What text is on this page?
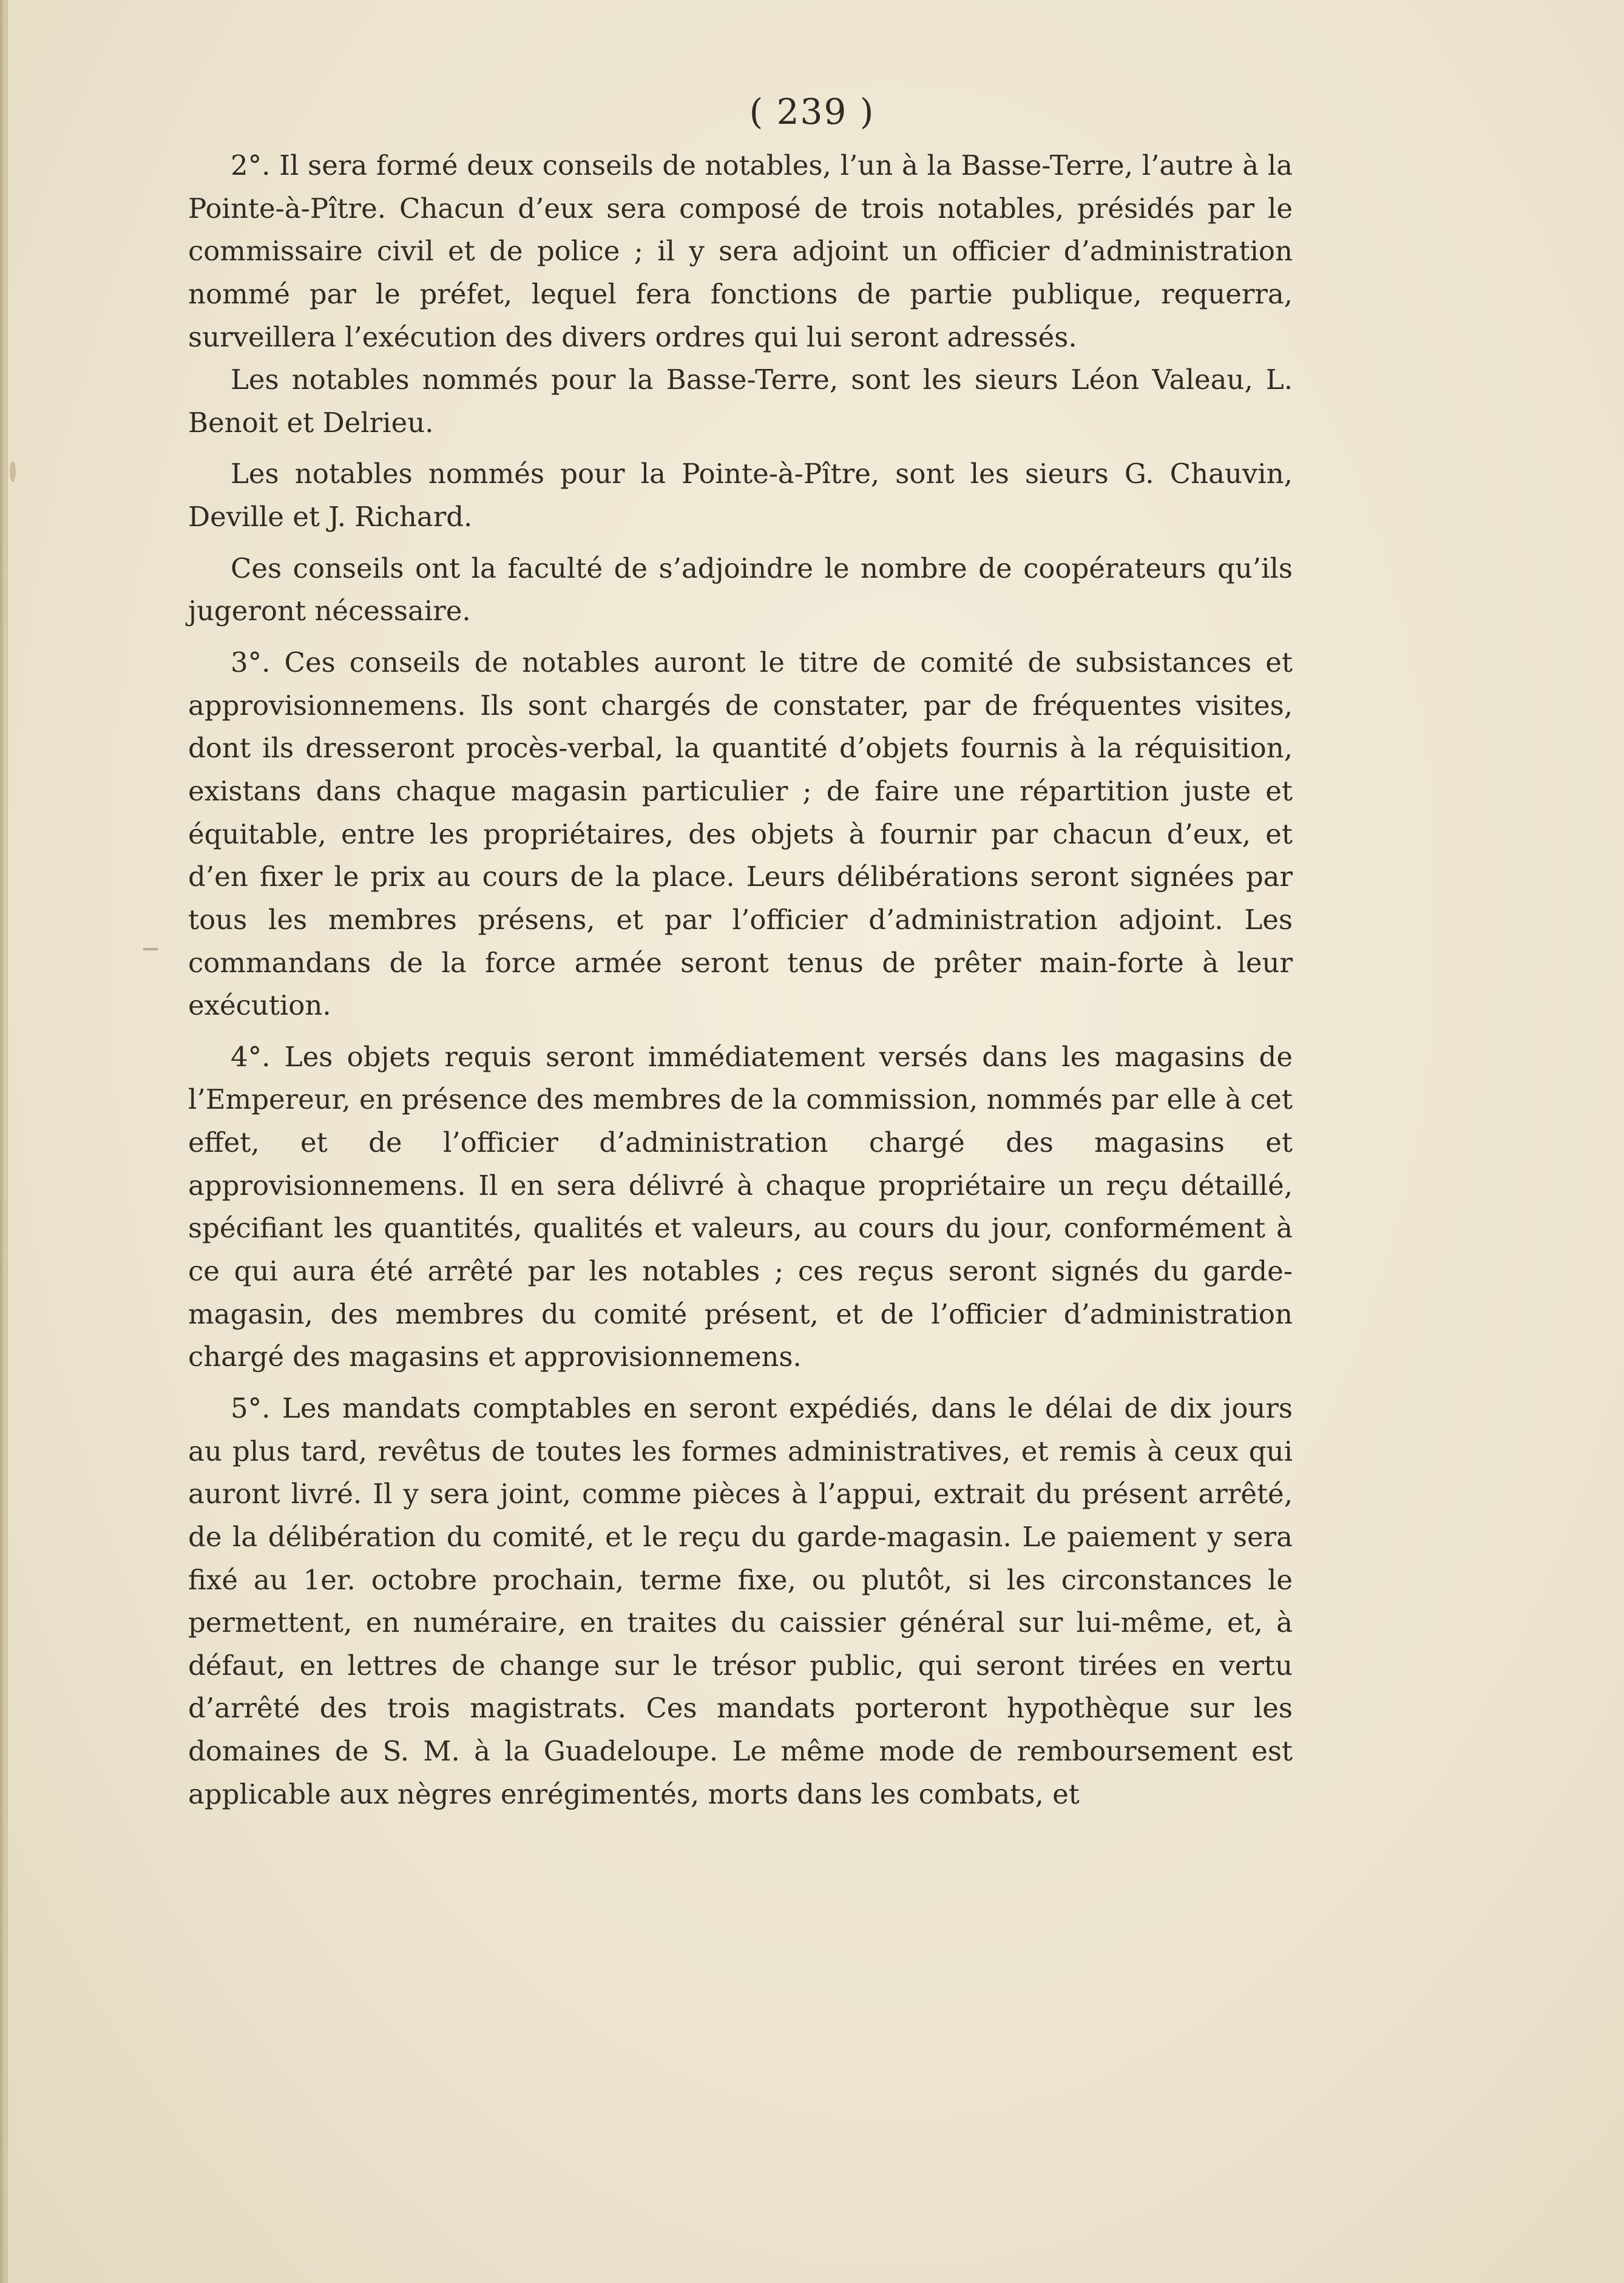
( 239 )

2°. Il sera formé deux conseils de notables, l’un à la Basse-Terre, l’autre à la Pointe-à-Pître. Chacun d’eux sera composé de trois notables, présidés par le commissaire civil et de police ; il y sera adjoint un officier d’administration nommé par le préfet, lequel fera fonctions de partie publique, requerra, surveillera l’exécution des divers ordres qui lui seront adressés.

Les notables nommés pour la Basse-Terre, sont les sieurs Léon Valeau, L. Benoit et Delrieu.

Les notables nommés pour la Pointe-à-Pître, sont les sieurs G. Chauvin, Deville et J. Richard.

Ces conseils ont la faculté de s’adjoindre le nombre de coopérateurs qu’ils jugeront nécessaire.

3°. Ces conseils de notables auront le titre de comité de subsistances et approvisionnemens. Ils sont chargés de constater, par de fréquentes visites, dont ils dresseront procès-verbal, la quantité d’objets fournis à la réquisition, existans dans chaque magasin particulier ; de faire une répartition juste et équitable, entre les propriétaires, des objets à fournir par chacun d’eux, et d’en fixer le prix au cours de la place. Leurs délibérations seront signées par tous les membres présens, et par l’officier d’administration adjoint. Les commandans de la force armée seront tenus de prêter main-forte à leur exécution.

4°. Les objets requis seront immédiatement versés dans les magasins de l’Empereur, en présence des membres de la commission, nommés par elle à cet effet, et de l’officier d’administration chargé des magasins et approvisionnemens. Il en sera délivré à chaque propriétaire un reçu détaillé, spécifiant les quantités, qualités et valeurs, au cours du jour, conformément à ce qui aura été arrêté par les notables ; ces reçus seront signés du garde-magasin, des membres du comité présent, et de l’officier d’administration chargé des magasins et approvisionnemens.

5°. Les mandats comptables en seront expédiés, dans le délai de dix jours au plus tard, revêtus de toutes les formes administratives, et remis à ceux qui auront livré. Il y sera joint, comme pièces à l’appui, extrait du présent arrêté, de la délibération du comité, et le reçu du garde-magasin. Le paiement y sera fixé au 1er. octobre prochain, terme fixe, ou plutôt, si les circonstances le permettent, en numéraire, en traites du caissier général sur lui-même, et, à défaut, en lettres de change sur le trésor public, qui seront tirées en vertu d’arrêté des trois magistrats. Ces mandats porteront hypothèque sur les domaines de S. M. à la Guadeloupe. Le même mode de remboursement est applicable aux nègres enrégimentés, morts dans les combats, et
